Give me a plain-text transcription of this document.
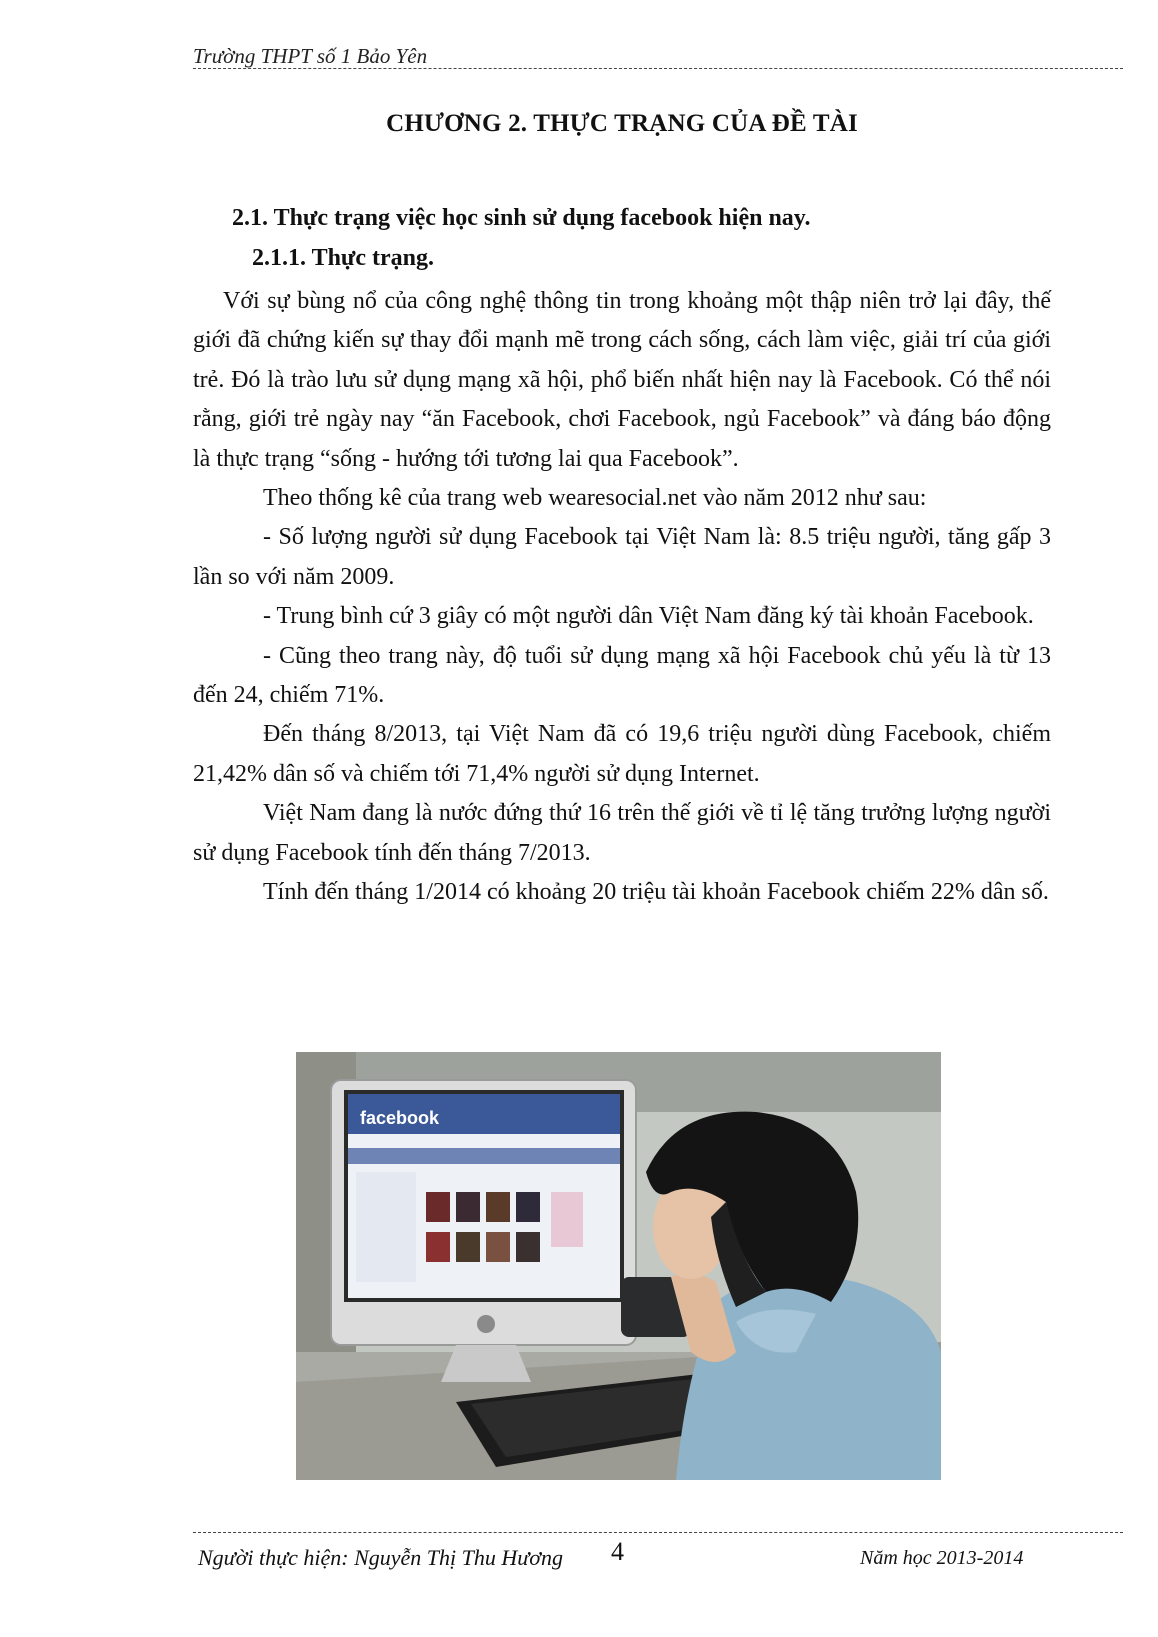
Trường THPT số 1 Bảo Yên
CHƯƠNG 2. THỰC TRẠNG CỦA ĐỀ TÀI
2.1. Thực trạng việc học sinh sử dụng facebook hiện nay.
2.1.1. Thực trạng.

Với sự bùng nổ của công nghệ thông tin trong khoảng một thập niên trở lại đây, thế giới đã chứng kiến sự thay đổi mạnh mẽ trong cách sống, cách làm việc, giải trí của giới trẻ. Đó là trào lưu sử dụng mạng xã hội, phổ biến nhất hiện nay là Facebook. Có thể nói rằng, giới trẻ ngày nay “ăn Facebook, chơi Facebook, ngủ Facebook” và đáng báo động là thực trạng “sống - hướng tới tương lai qua Facebook”.

Theo thống kê của trang web wearesocial.net vào năm 2012 như sau:

- Số lượng người sử dụng Facebook tại Việt Nam là: 8.5 triệu người, tăng gấp 3 lần so với năm 2009.

- Trung bình cứ 3 giây có một người dân Việt Nam đăng ký tài khoản Facebook.

- Cũng theo trang này, độ tuổi sử dụng mạng xã hội Facebook chủ yếu là từ 13 đến 24, chiếm 71%.

Đến tháng 8/2013, tại Việt Nam đã có 19,6 triệu người dùng Facebook, chiếm 21,42% dân số và chiếm tới 71,4% người sử dụng Internet.

Việt Nam đang là nước đứng thứ 16 trên thế giới về tỉ lệ tăng trưởng lượng người sử dụng Facebook tính đến tháng 7/2013.

Tính đến tháng 1/2014 có khoảng 20 triệu tài khoản Facebook chiếm 22% dân số.

facebook
Người thực hiện: Nguyễn Thị Thu Hương 4	Năm học 2013-2014
